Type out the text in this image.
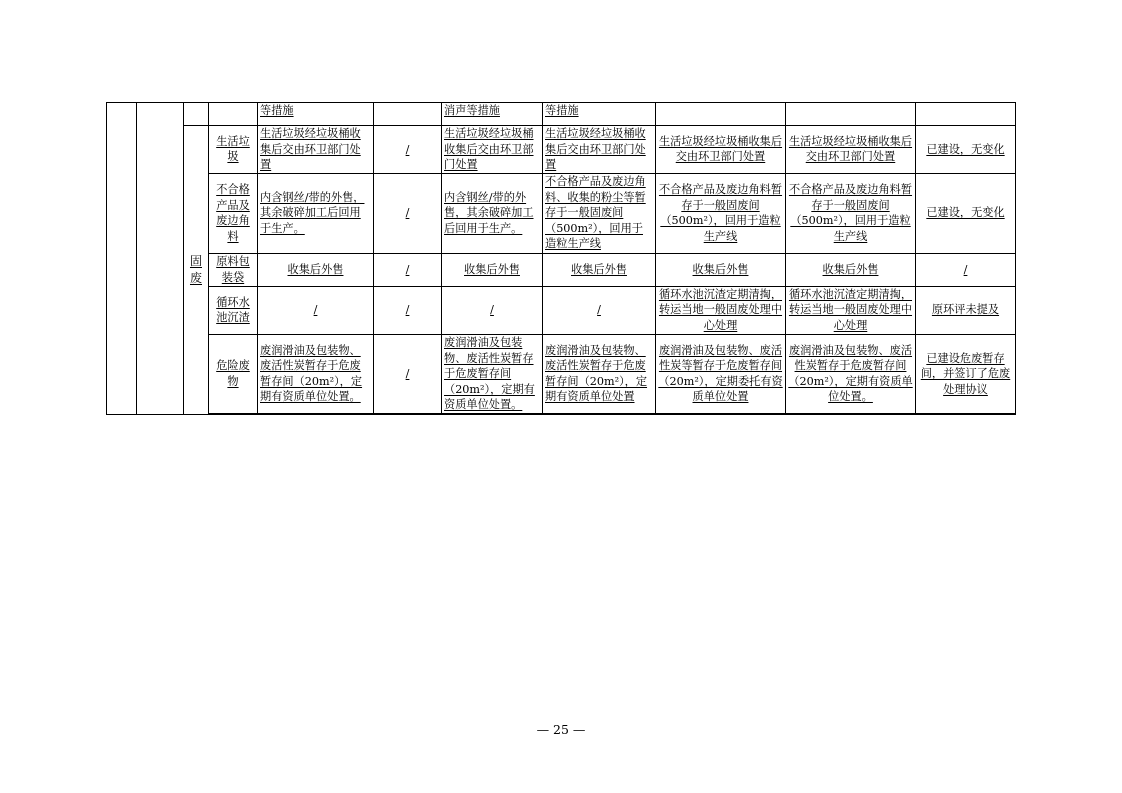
				等措施		消声等措施	等措施			
		固废	生活垃圾	生活垃圾经垃圾桶收集后交由环卫部门处置	/	生活垃圾经垃圾桶收集后交由环卫部门处置	生活垃圾经垃圾桶收集后交由环卫部门处置	生活垃圾经垃圾桶收集后交由环卫部门处置	生活垃圾经垃圾桶收集后交由环卫部门处置	已建设，无变化
			不合格产品及废边角料	内含钢丝/带的外售，其余破碎加工后回用于生产。	/	内含钢丝/带的外售，其余破碎加工后回用于生产。	不合格产品及废边角料、收集的粉尘等暂存于一般固废间（500m²），回用于造粒生产线	不合格产品及废边角料暂存于一般固废间（500m²），回用于造粒生产线	不合格产品及废边角料暂存于一般固废间（500m²），回用于造粒生产线	已建设，无变化
			原料包装袋	收集后外售	/	收集后外售	收集后外售	收集后外售	收集后外售	/
			循环水池沉渣	/	/	/	/	循环水池沉渣定期清掏，转运当地一般固废处理中心处理	循环水池沉渣定期清掏，转运当地一般固废处理中心处理	原环评未提及
			危险废物	废润滑油及包装物、废活性炭暂存于危废暂存间（20m²），定期有资质单位处置。	/	废润滑油及包装物、废活性炭暂存于危废暂存间（20m²），定期有资质单位处置。	废润滑油及包装物、废活性炭暂存于危废暂存间（20m²），定期有资质单位处置	废润滑油及包装物、废活性炭等暂存于危废暂存间（20m²），定期委托有资质单位处置	废润滑油及包装物、废活性炭暂存于危废暂存间（20m²），定期有资质单位处置。	已建设危废暂存间，并签订了危废处理协议
— 25 —
